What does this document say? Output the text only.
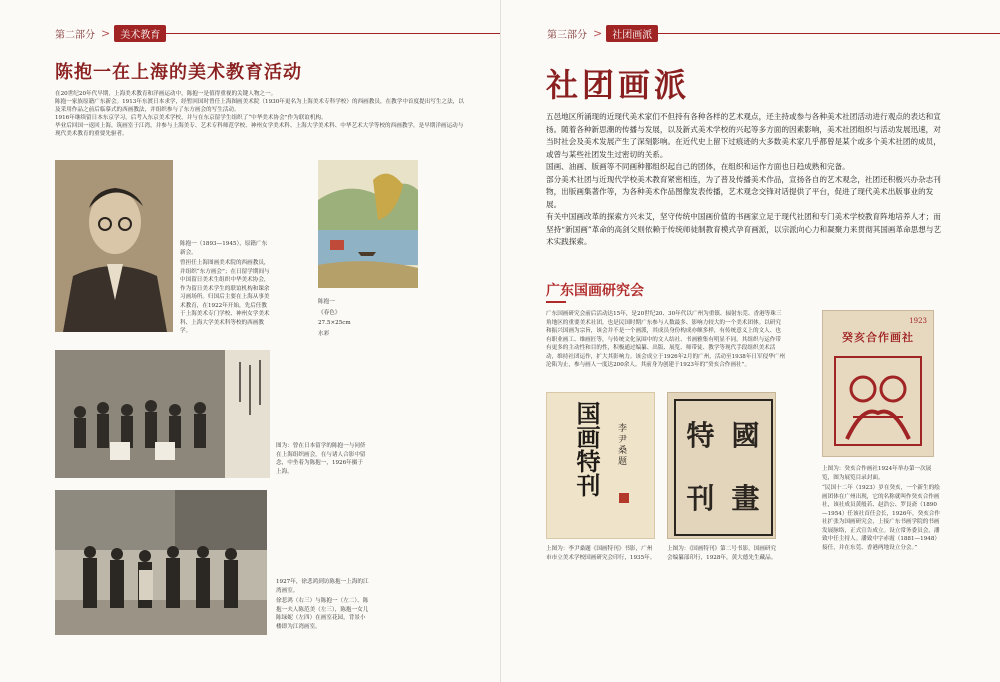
第二部分 >	美术教育
陈抱一在上海的美术教育活动

在20世纪20年代早期，上海美术教育和洋画运动中，陈抱一是值得重视的关键人物之一。

陈抱一家族原籍广东新会。1913年东渡日本求学，经暂回国时曾任上海图画美术院（1930年更名为上海美术专科学校）的西画教员，在教学中首度提出写生之法，以及采用作品之前后临摹式的西画教法，并组织参与了东方画会的写生活动。

1916年继续留日本东京学习，后考入东京美术学校，并与在东京留学生组织了“中华美术协会”作为联谊机构。

毕业后回国一返回上海，筑画室于江湾，并参与上海美专、艺术专科师范学校、神州女学美术科、上海大学美术科、中华艺术大学等校的西画教学，是早期洋画运动与现代美术教育的重要先驱者。

陈抱一（1893—1945），原籍广东新会。

曾担任上海图画美术院的西画教员，并组织“东方画会”；在日留学期间与中国留日美术生组织中华美术协会，作为留日美术学生的联谊机构和课余习画场所。归国后主要在上海从事美术教育，在1922年开始，先后任教于上海美术专门学校、神州女学美术科、上海大学美术科等校的西画教学。

陈抱一

《春色》

27.5×25cm

水彩

图为：曾在日本留学的陈抱一与同侪在上海组织画会，在与诸人合影中留念，中坐着为陈抱一，1926年摄于上海。

1927年，徐悲鸿到访陈抱一上海的江湾画室。

徐悲鸿（右三）与陈抱一（左二）、陈抱一夫人陈范美（左三），陈抱一女儿陈绿妮（左四）在画室花园，背景小楼即为江湾画室。

第三部分 >	社团画派
社团画派

五邑地区所涌现的近现代美术家们不但持有各种各样的艺术观点，还主持或参与各种美术社团活动进行观点的表达和宣扬。随着各种新思潮的传播与发展，以及新式美术学校的兴起等多方面的因素影响，美术社团组织与活动发展迅速，对当时社会及美术发展产生了深刻影响。在近代史上留下过痕迹的大多数美术家几乎都曾是某个或多个美术社团的成员，或曾与某些社团发生过密切的关系。

国画、油画、版画等不同画种都组织起自己的团体，在组织和运作方面也日趋成熟和完备。

部分美术社团与近现代学校美术教育紧密相连，为了普及传播美术作品，宣扬各自的艺术观念，社团还积极兴办杂志刊物，出版画集著作等，为各种美术作品图像发表传播，艺术观念交锋对话提供了平台，促进了现代美术出版事业的发展。

有关中国画改革的探索方兴未艾，坚守传统中国画价值的书画家立足于现代社团和专门美术学校教育阵地培养人才；而坚持“新国画”革命的高剑父则依赖于传统师徒制教育模式孕育画派，以宗派向心力和凝聚力来贯彻其国画革命思想与艺术实践探索。

广东国画研究会

广东国画研究会前后活动达15年，是20世纪20、30年代以广州为重镇、辐射东莞、香港等珠三角地区的重要美术社团，也是民国时期广东参与人数最多、影响力较大的一个美术团体。以研究和振兴国画为宗旨，该会并不是一个画派，其成员身份构成亦颇多样，有传统意义上的文人、也有职业画工、维画匠等，与传统文化氛围中的文人结社、书画雅集有明显不同。其组织与运作带有更多的主动性和目的性，积极通过编纂、出版、展览、师带徒、教学等现代手段组织美术活动，维持社团运作，扩大其影响力。该会成立于1926年2月的广州，活动至1938年日军侵华广州沦陷为止，参与画人一度达200余人。其前身为创建于1923年的“癸亥合作画社”。

1923
癸亥合作画社

上图为：癸亥合作画社1924年举办第一次展览，图为展览目录封面。

“民国十二年（1923）岁在癸亥，一个新生的绘画团体在广州出现，它的名称就叫作癸亥合作画社，该社成员黄般若、赵浩公、罗艮斋（1890—1954）任该社首任会长，1926年，癸亥合作社扩张为国画研究会，上接广东书画学院的书画发展脉络，正式宣告成立。设立常务委员会，潘致中任主持人。潘致中字赤霞（1881—1948）接任，并在东莞、香港两地设立分会。”

国画特刊 李尹桑题

上图为：李尹桑题《国画特刊》书影，广州市市立美术学校国画研究会印行，1935年。

特 國
刊 畫

上图为：《国画特刊》第二号书影，国画研究会编纂部印行，1928年，黄大德先生藏品。
